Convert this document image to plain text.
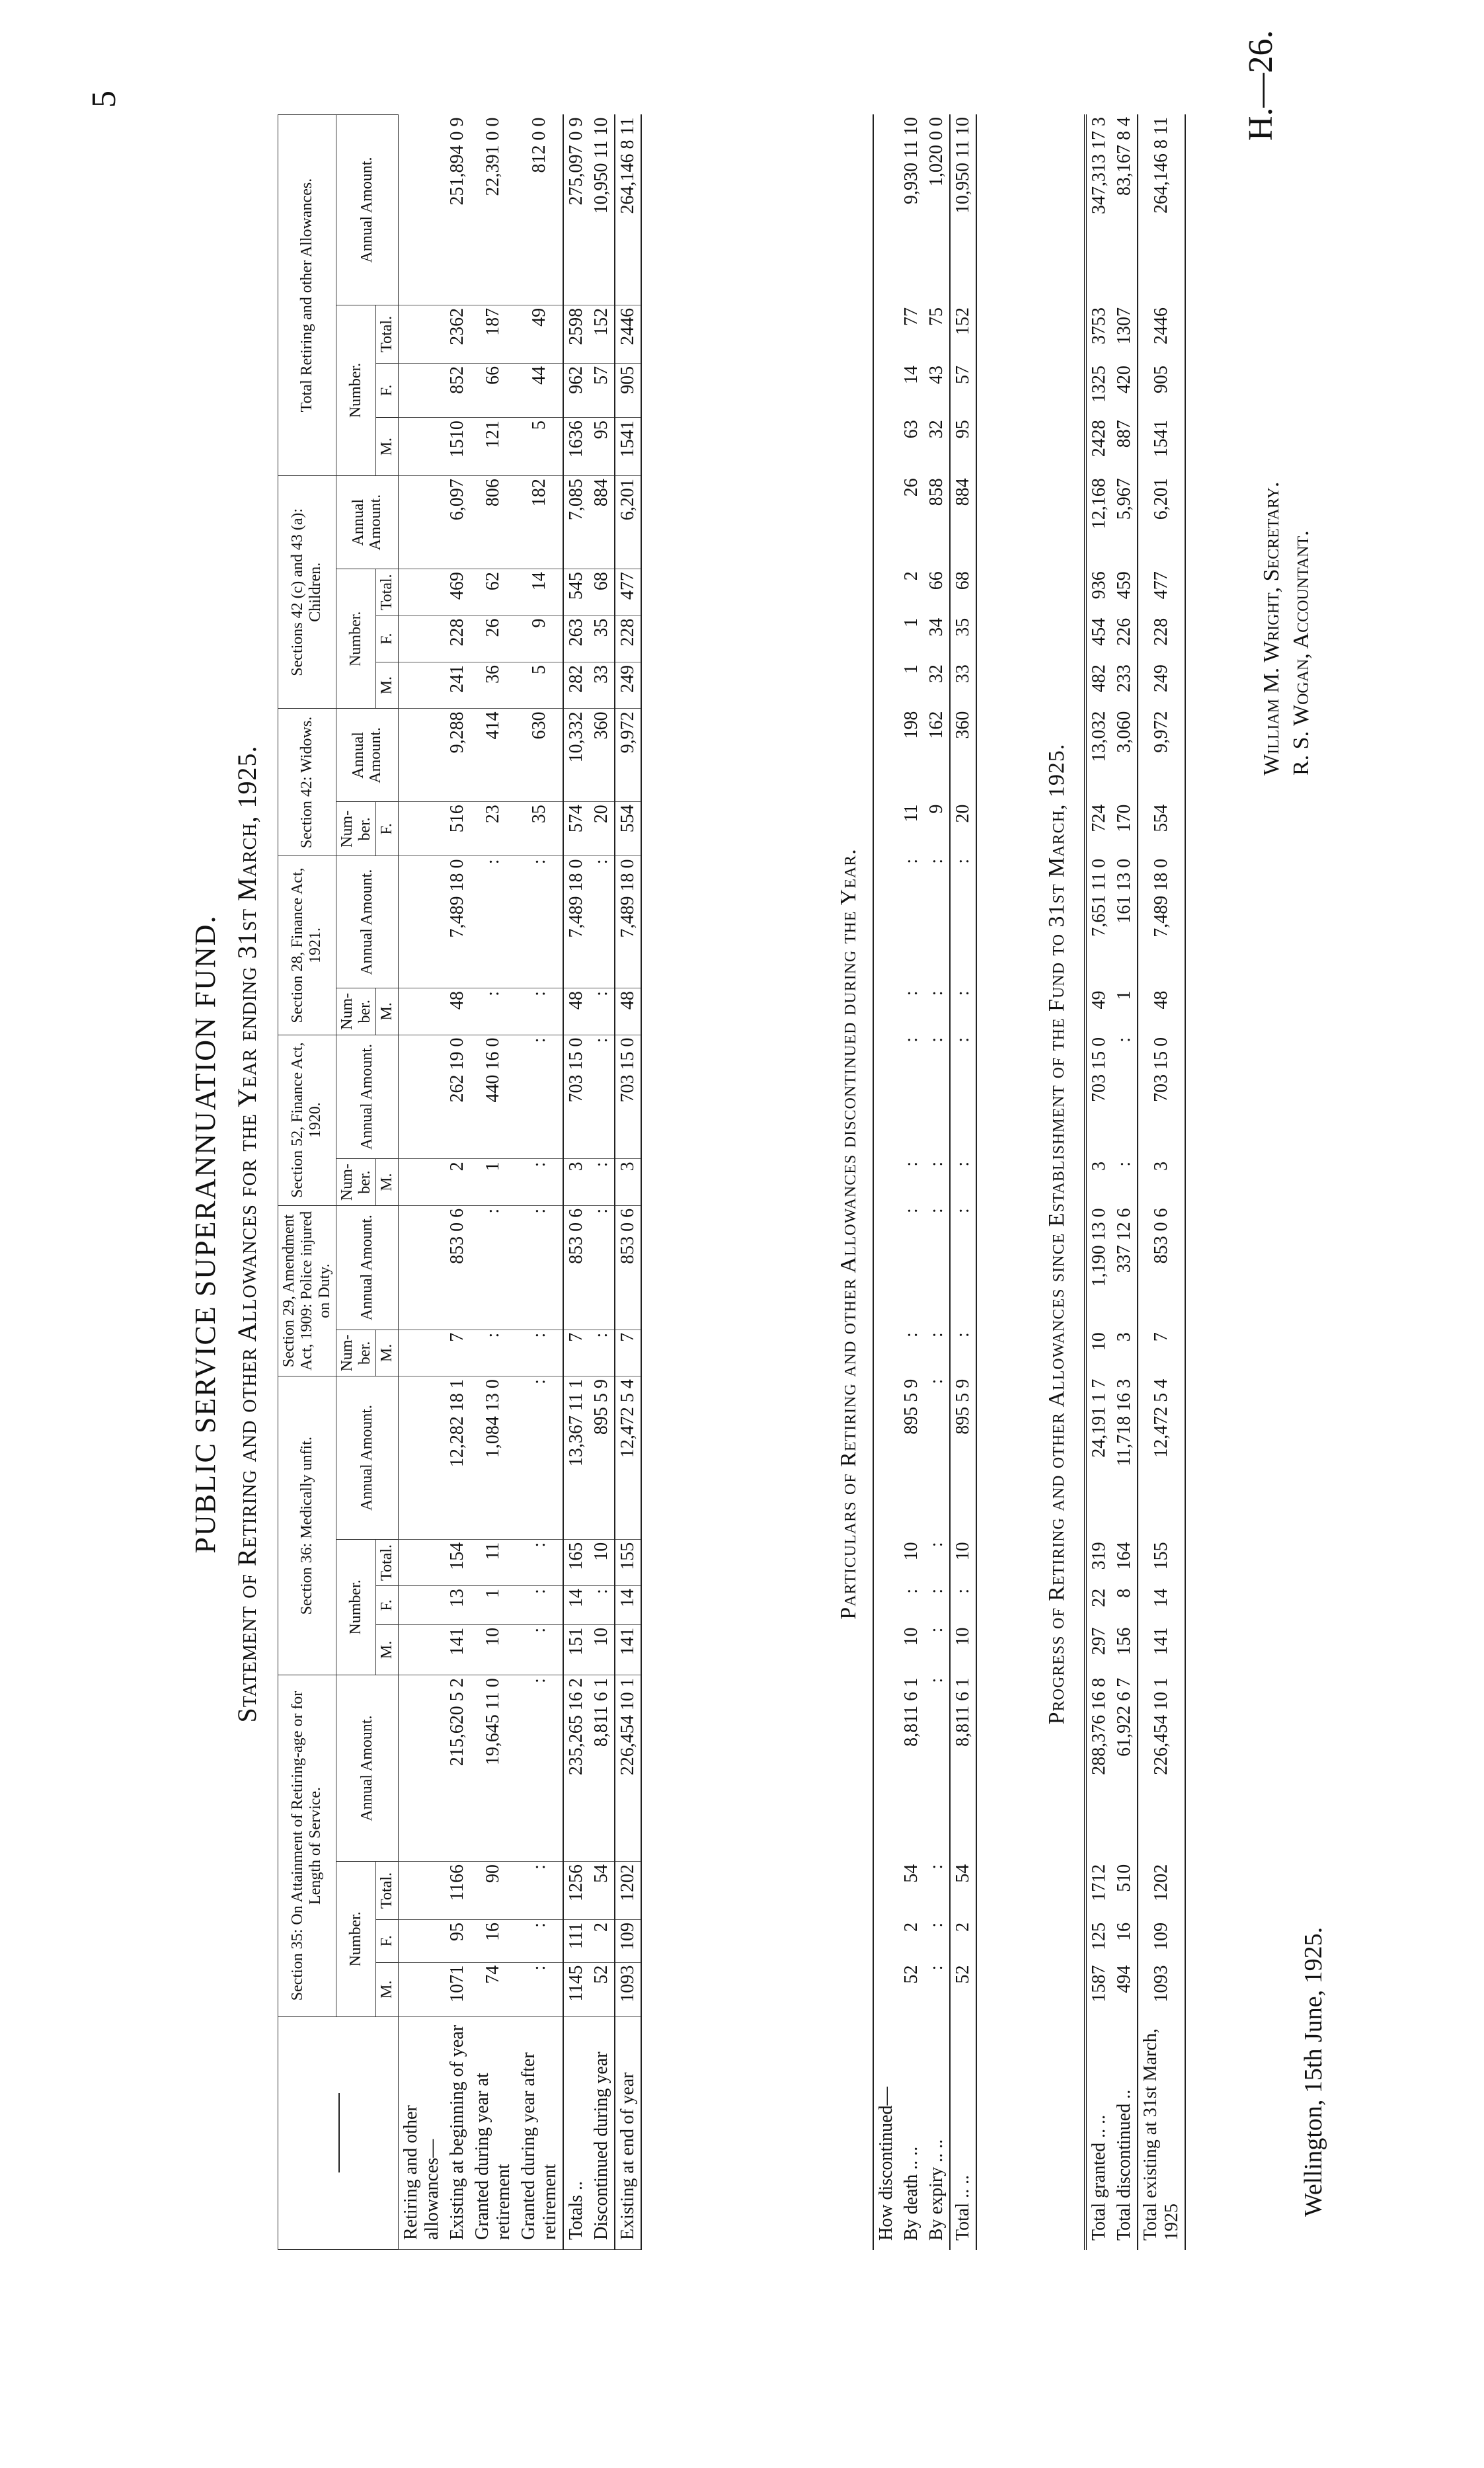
5	H.—26.
PUBLIC SERVICE SUPERANNUATION FUND. Statement of Retiring and other Allowances for the Year ending 31st March, 1925.
	Section 35: On Attainment of Retiring-age or for Length of Service.				Section 36: Medically unfit.				Section 29, Amendment Act, 1909: Police injured on Duty.		Section 52, Finance Act, 1920.		Section 28, Finance Act, 1921.		Section 42: Widows.		Sections 42 (c) and 43 (a): Children.				Total Retiring and other Allowances.			
	Number.			Annual Amount.	Number.			Annual Amount.	Num-ber.	Annual Amount.	Num-ber.	Annual Amount.	Num-ber.	Annual Amount.	Num-ber.	Annual Amount.	Number.			Annual Amount.	Number.			Annual Amount.
	M.	F.	Total.		M.	F.	Total.		M.		M.		M.		F.		M.	F.	Total.		M.	F.	Total.	
Retiring and other allowances—																								
Existing at beginning of year	1071	95	1166	215,620 5 2	141	13	154	12,282 18 1	7	853 0 6	2	262 19 0	48	7,489 18 0	516	9,288	241	228	469	6,097	1510	852	2362	251,894 0 9
Granted during year at retirement	74	16	90	19,645 11 0	10	1	11	1,084 13 0	:	:	1	440 16 0	:	:	23	414	36	26	62	806	121	66	187	22,391 0 0
Granted during year after retirement	:	:	:	:	:	:	:	:	:	:	:	:	:	:	35	630	5	9	14	182	5	44	49	812 0 0
Totals ..	1145	111	1256	235,265 16 2	151	14	165	13,367 11 1	7	853 0 6	3	703 15 0	48	7,489 18 0	574	10,332	282	263	545	7,085	1636	962	2598	275,097 0 9
Discontinued during year	52	2	54	8,811 6 1	10	:	10	895 5 9	:	:	:	:	:	:	20	360	33	35	68	884	95	57	152	10,950 11 10
Existing at end of year	1093	109	1202	226,454 10 1	141	14	155	12,472 5 4	7	853 0 6	3	703 15 0	48	7,489 18 0	554	9,972	249	228	477	6,201	1541	905	2446	264,146 8 11
Particulars of Retiring and other Allowances discontinued during the Year.
How discontinued—																								
By death .. ..	52	2	54	8,811 6 1	10	:	10	895 5 9	:	:	:	:	:	:	11	198	1	1	2	26	63	14	77	9,930 11 10
By expiry .. ..	:	:	:	:	:	:	:	:	:	:	:	:	:	:	9	162	32	34	66	858	32	43	75	1,020 0 0
Total .. ..	52	2	54	8,811 6 1	10	:	10	895 5 9	:	:	:	:	:	:	20	360	33	35	68	884	95	57	152	10,950 11 10
Progress of Retiring and other Allowances since Establishment of the Fund to 31st March, 1925.
Total granted .. ..	1587	125	1712	288,376 16 8	297	22	319	24,191 1 7	10	1,190 13 0	3	703 15 0	49	7,651 11 0	724	13,032	482	454	936	12,168	2428	1325	3753	347,313 17 3
Total discontinued ..	494	16	510	61,922 6 7	156	8	164	11,718 16 3	3	337 12 6	:	:	1	161 13 0	170	3,060	233	226	459	5,967	887	420	1307	83,167 8 4
Total existing at 31st March, 1925	1093	109	1202	226,454 10 1	141	14	155	12,472 5 4	7	853 0 6	3	703 15 0	48	7,489 18 0	554	9,972	249	228	477	6,201	1541	905	2446	264,146 8 11
Wellington, 15th June, 1925.
William M. Wright, Secretary. R. S. Wogan, Accountant.
